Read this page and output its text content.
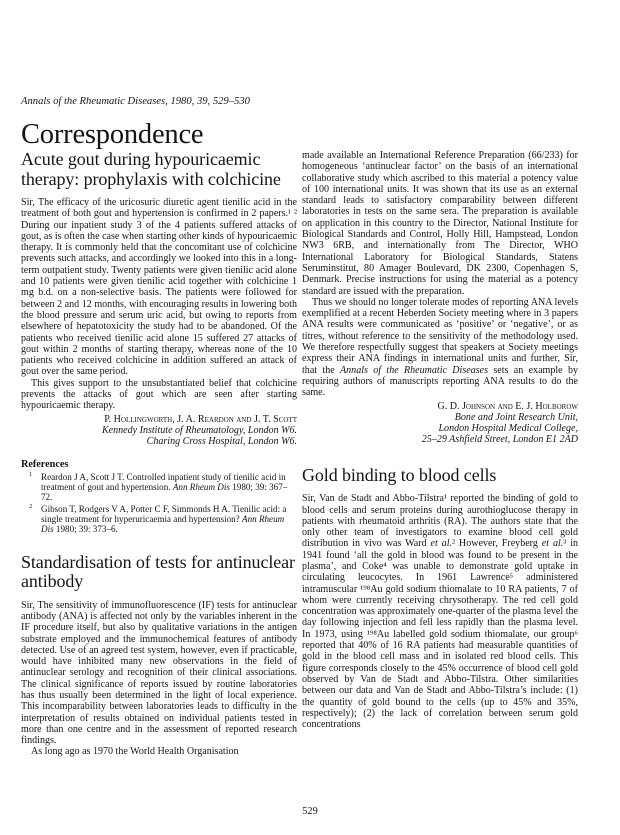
Annals of the Rheumatic Diseases, 1980, 39, 529–530
Correspondence
Acute gout during hypouricaemic therapy: prophylaxis with colchicine

Sir, The efficacy of the uricosuric diuretic agent tienilic acid in the treatment of both gout and hypertension is confirmed in 2 papers.¹ ² During our inpatient study 3 of the 4 patients suffered attacks of gout, as is often the case when starting other kinds of hypouricaemic therapy. It is commonly held that the concomitant use of colchicine prevents such attacks, and accordingly we looked into this in a long-term outpatient study. Twenty patients were given tienilic acid alone and 10 patients were given tienilic acid together with colchicine 1 mg b.d. on a non-selective basis. The patients were followed for between 2 and 12 months, with encouraging results in lowering both the blood pressure and serum uric acid, but owing to reports from elsewhere of hepatotoxicity the study had to be abandoned. Of the patients who received tienilic acid alone 15 suffered 27 attacks of gout within 2 months of starting therapy, whereas none of the 10 patients who received colchicine in addition suffered an attack of gout over the same period.

This gives support to the unsubstantiated belief that colchicine prevents the attacks of gout which are seen after starting hypouricaemic therapy.

P. Hollingworth, J. A. Reardon and J. T. Scott
Kennedy Institute of Rheumatology, London W6.
Charing Cross Hospital, London W6.
References
1 Reardon J A, Scott J T. Controlled inpatient study of tienilic acid in treatment of gout and hypertension. Ann Rheum Dis 1980; 39: 367–72.
2 Gibson T, Rodgers V A, Potter C F, Simmonds H A. Tienilic acid: a single treatment for hyperuricaemia and hypertension? Ann Rheum Dis 1980; 39: 373–6.
Standardisation of tests for antinuclear antibody

Sir, The sensitivity of immunofluorescence (IF) tests for antinuclear antibody (ANA) is affected not only by the variables inherent in the IF procedure itself, but also by qualitative variations in the antigen substrate employed and the immunochemical features of antibody detected. Use of an agreed test system, however, even if practicable, would have inhibited many new observations in the field of antinuclear serology and recognition of their clinical associations. The clinical significance of reports issued by routine laboratories has thus usually been determined in the light of local experience. This incomparability between laboratories leads to difficulty in the interpretation of results obtained on individual patients tested in more than one centre and in the assessment of reported research findings.

As long ago as 1970 the World Health Organisation

made available an International Reference Preparation (66/233) for homogeneous ‘antinuclear factor’ on the basis of an international collaborative study which ascribed to this material a potency value of 100 international units. It was shown that its use as an external standard leads to satisfactory comparability between different laboratories in tests on the same sera. The preparation is available on application in this country to the Director, National Institute for Biological Standards and Control, Holly Hill, Hampstead, London NW3 6RB, and internationally from The Director, WHO International Laboratory for Biological Standards, Statens Seruminstitut, 80 Amager Boulevard, DK 2300, Copenhagen S, Denmark. Precise instructions for using the material as a potency standard are issued with the preparation.

Thus we should no longer tolerate modes of reporting ANA levels exemplified at a recent Heberden Society meeting where in 3 papers ANA results were communicated as ‘positive’ or ‘negative’, or as titres, without reference to the sensitivity of the methodology used. We therefore respectfully suggest that speakers at Society meetings express their ANA findings in international units and further, Sir, that the Annals of the Rheumatic Diseases sets an example by requiring authors of manuscripts reporting ANA results to do the same.

G. D. Johnson and E. J. Holborow
Bone and Joint Research Unit,
London Hospital Medical College,
25–29 Ashfield Street, London E1 2AD
Gold binding to blood cells

Sir, Van de Stadt and Abbo-Tilstra¹ reported the binding of gold to blood cells and serum proteins during aurothioglucose therapy in patients with rheumatoid arthritis (RA). The authors state that the only other team of investigators to examine blood cell gold distribution in vivo was Ward et al.² However, Freyberg et al.³ in 1941 found ‘all the gold in blood was found to be present in the plasma’, and Coke⁴ was unable to demonstrate gold uptake in circulating leucocytes. In 1961 Lawrence⁵ administered intramuscular ¹⁹⁸Au gold sodium thiomalate to 10 RA patients, 7 of whom were currently receiving chrysotherapy. The red cell gold concentration was approximately one-quarter of the plasma level the day following injection and fell less rapidly than the plasma level. In 1973, using ¹⁹⁸Au labelled gold sodium thiomalate, our group⁶ reported that 40% of 16 RA patients had measurable quantities of gold in the blood cell mass and in isolated red blood cells. This figure corresponds closely to the 45% occurrence of blood cell gold observed by Van de Stadt and Abbo-Tilstra. Other similarities between our data and Van de Stadt and Abbo-Tilstra’s include: (1) the quantity of gold bound to the cells (up to 45% and 35%, respectively); (2) the lack of correlation between serum gold concentrations

529
